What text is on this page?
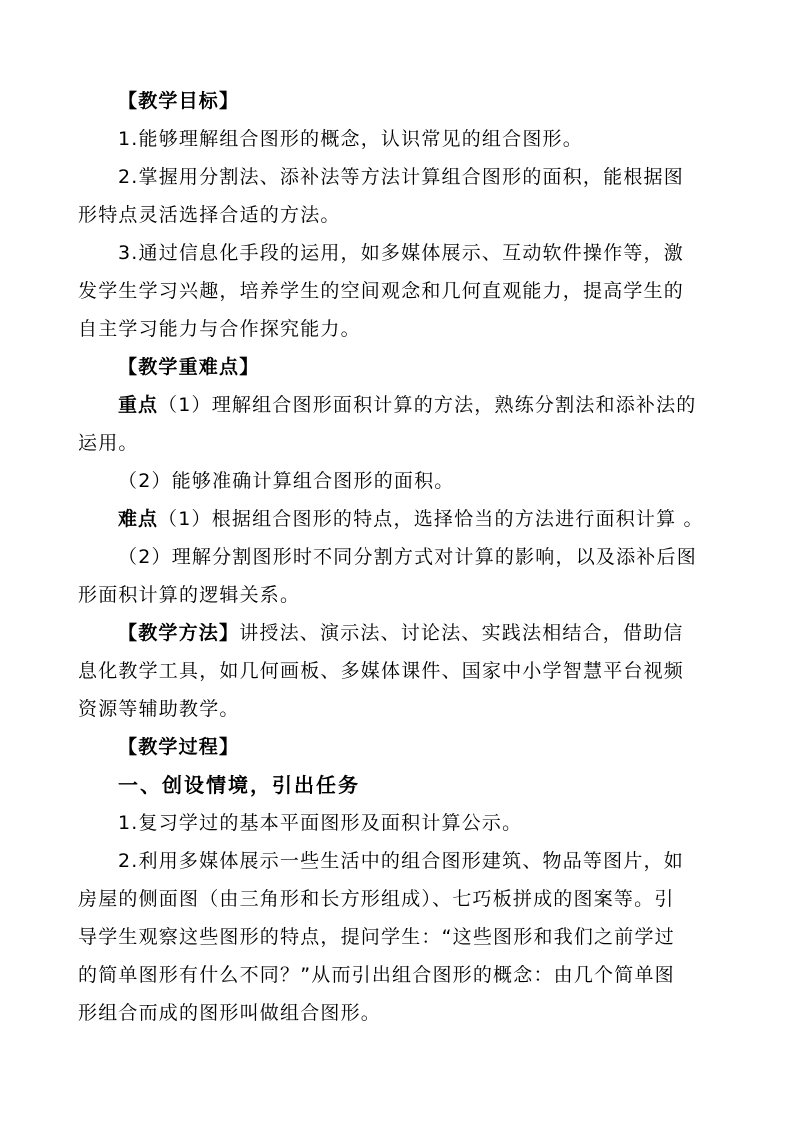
【教学目标】
1.能够理解组合图形的概念，认识常见的组合图形。
2.掌握用分割法、添补法等方法计算组合图形的面积，能根据图
形特点灵活选择合适的方法。
3.通过信息化手段的运用，如多媒体展示、互动软件操作等，激
发学生学习兴趣，培养学生的空间观念和几何直观能力，提高学生的
自主学习能力与合作探究能力。
【教学重难点】
重点（1）理解组合图形面积计算的方法，熟练分割法和添补法的
运用。
（2）能够准确计算组合图形的面积。
难点（1）根据组合图形的特点，选择恰当的方法进行面积计算 。
（2）理解分割图形时不同分割方式对计算的影响，以及添补后图
形面积计算的逻辑关系。
【教学方法】讲授法、演示法、讨论法、实践法相结合，借助信
息化教学工具，如几何画板、多媒体课件、国家中小学智慧平台视频
资源等辅助教学。
【教学过程】
一、创设情境，引出任务
1.复习学过的基本平面图形及面积计算公示。
2.利用多媒体展示一些生活中的组合图形建筑、物品等图片，如
房屋的侧面图（由三角形和长方形组成）、七巧板拼成的图案等。引
导学生观察这些图形的特点，提问学生：“这些图形和我们之前学过
的简单图形有什么不同？”从而引出组合图形的概念：由几个简单图
形组合而成的图形叫做组合图形。
